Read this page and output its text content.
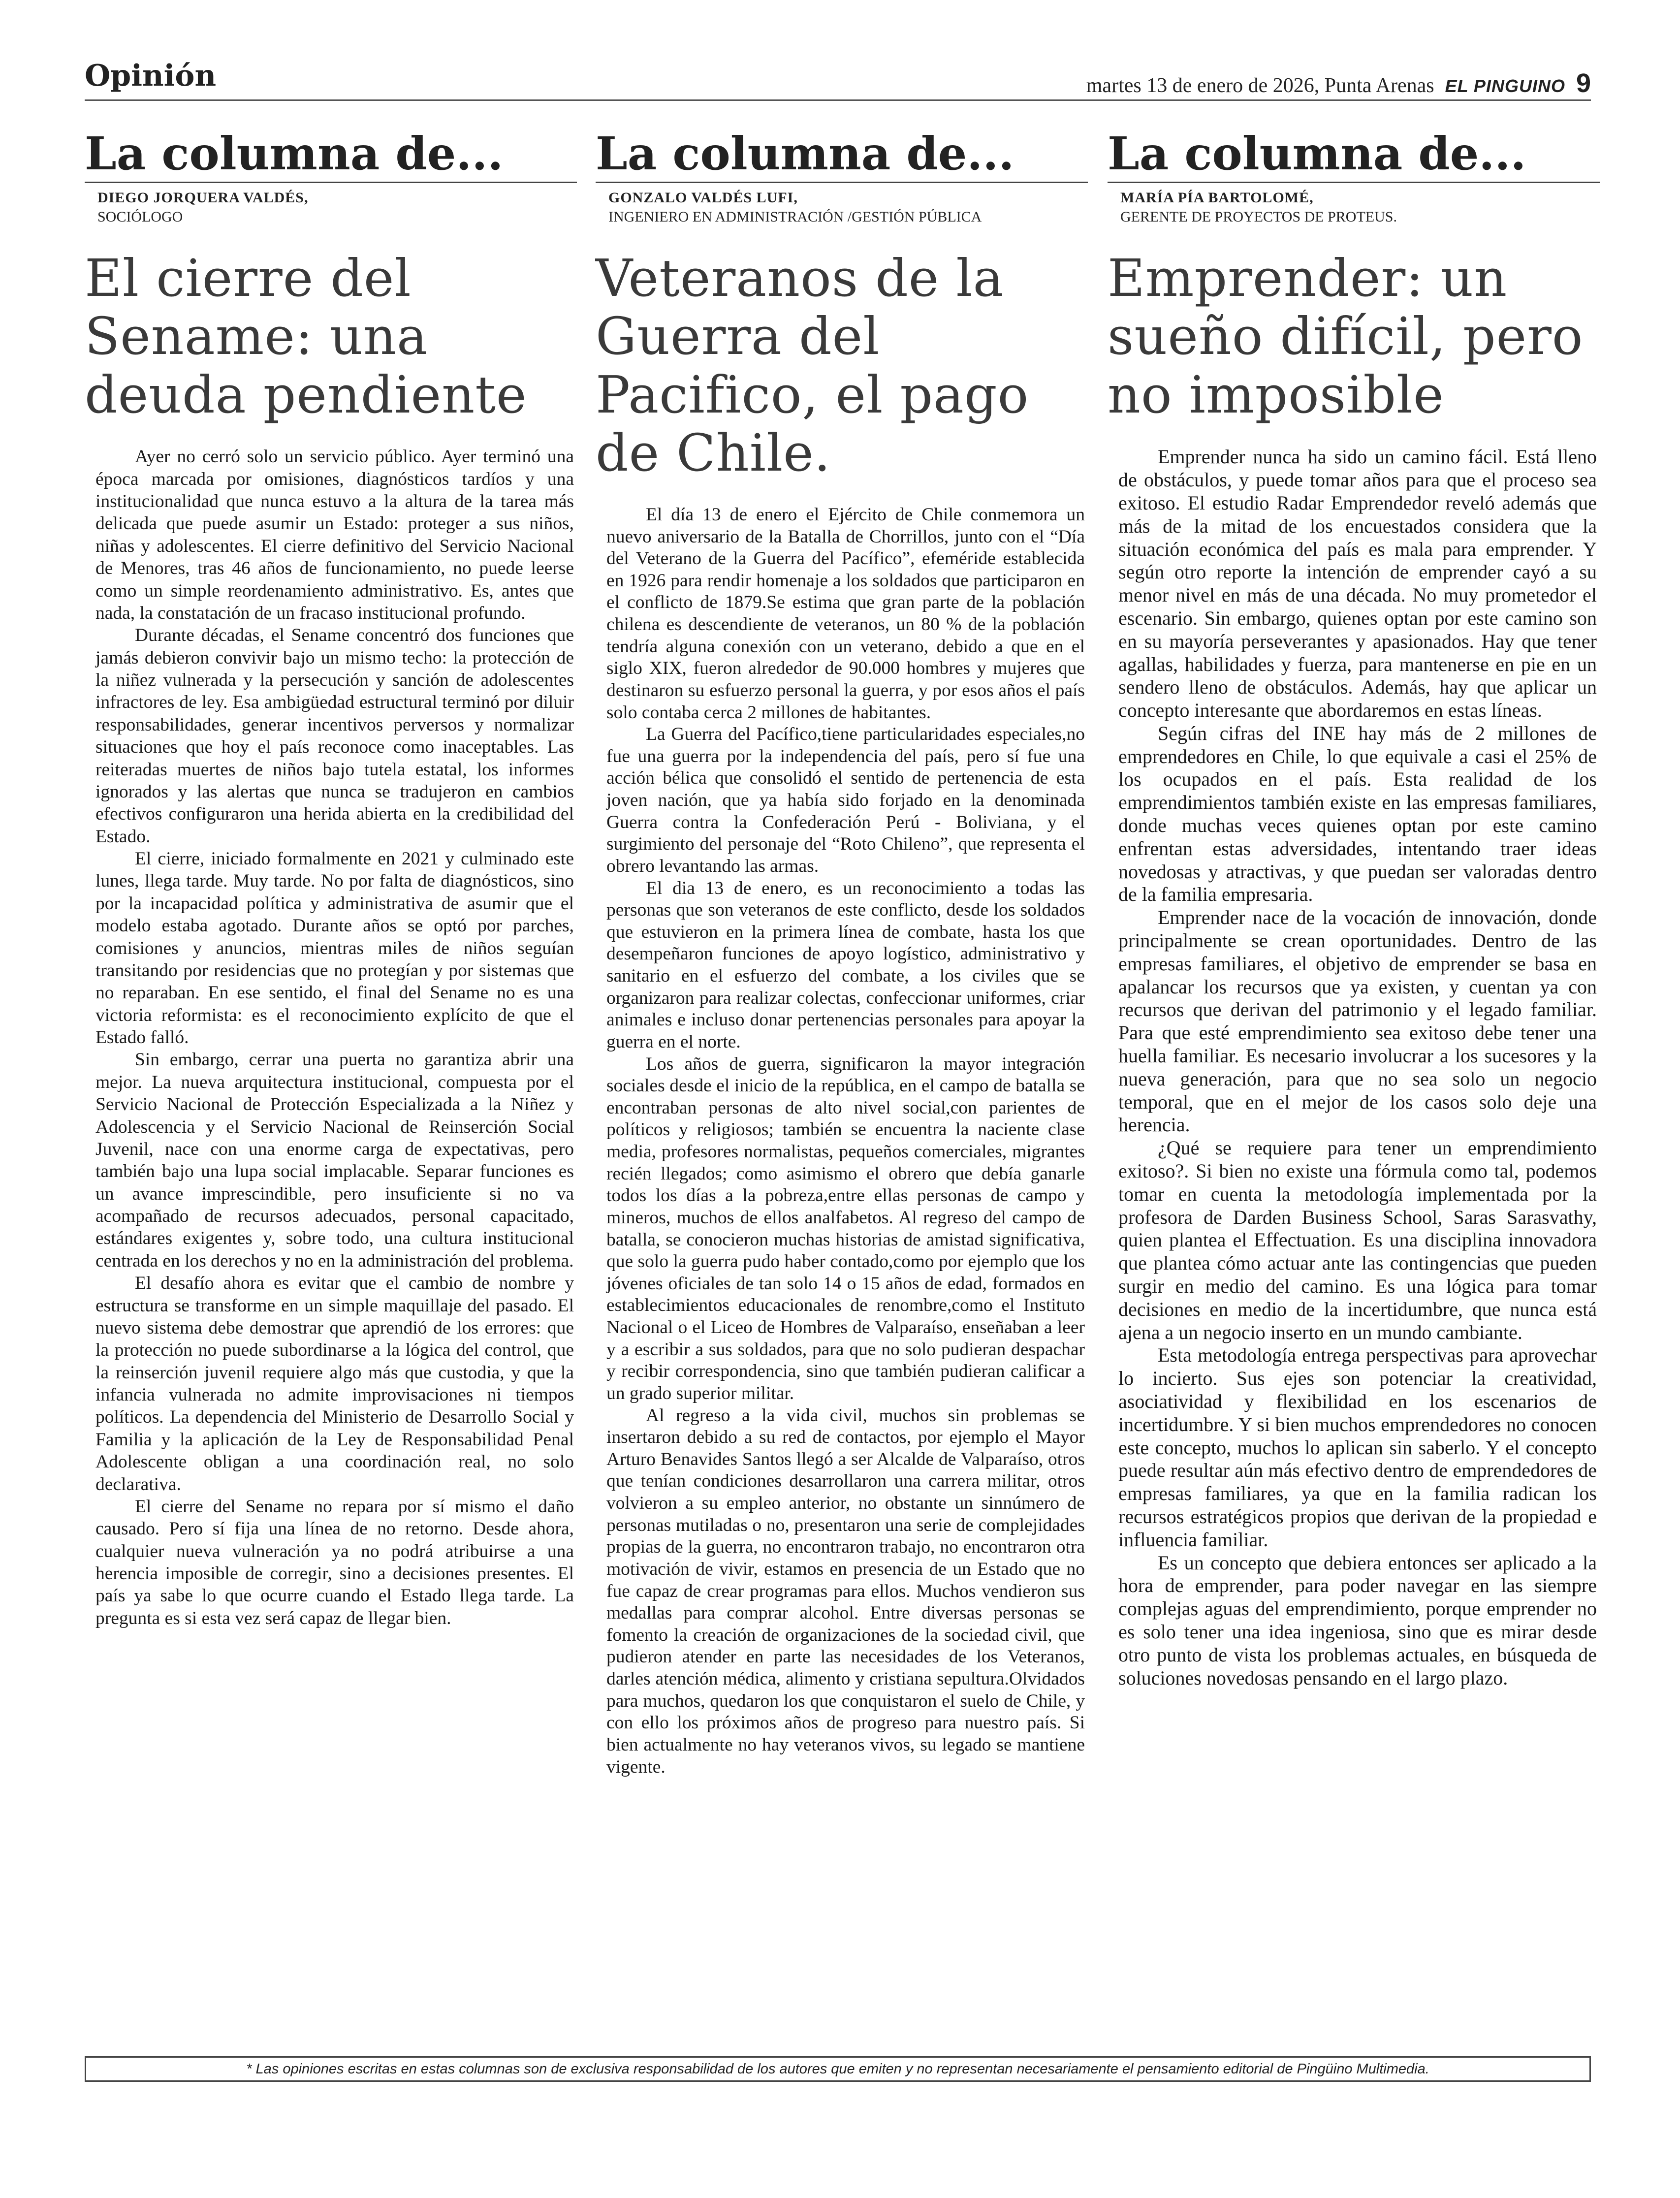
Opinión	martes 13 de enero de 2026, Punta Arenas EL PINGUINO 9
La columna de...
DIEGO JORQUERA VALDÉS,
SOCIÓLOGO
El cierre del Sename: una deuda pendiente

Ayer no cerró solo un servicio público. Ayer terminó una época marcada por omisiones, diagnósticos tardíos y una institucionalidad que nunca estuvo a la altura de la tarea más delicada que puede asumir un Estado: proteger a sus niños, niñas y adolescentes. El cierre definitivo del Servicio Nacional de Menores, tras 46 años de funcionamiento, no puede leerse como un simple reordenamiento administrativo. Es, antes que nada, la constatación de un fracaso institucional profundo.

Durante décadas, el Sename concentró dos funciones que jamás debieron convivir bajo un mismo techo: la protección de la niñez vulnerada y la persecución y sanción de adolescentes infractores de ley. Esa ambigüedad estructural terminó por diluir responsabilidades, generar incentivos perversos y normalizar situaciones que hoy el país reconoce como inaceptables. Las reiteradas muertes de niños bajo tutela estatal, los informes ignorados y las alertas que nunca se tradujeron en cambios efectivos configuraron una herida abierta en la credibilidad del Estado.

El cierre, iniciado formalmente en 2021 y culminado este lunes, llega tarde. Muy tarde. No por falta de diagnósticos, sino por la incapacidad política y administrativa de asumir que el modelo estaba agotado. Durante años se optó por parches, comisiones y anuncios, mientras miles de niños seguían transitando por residencias que no protegían y por sistemas que no reparaban. En ese sentido, el final del Sename no es una victoria reformista: es el reconocimiento explícito de que el Estado falló.

Sin embargo, cerrar una puerta no garantiza abrir una mejor. La nueva arquitectura institucional, compuesta por el Servicio Nacional de Protección Especializada a la Niñez y Adolescencia y el Servicio Nacional de Reinserción Social Juvenil, nace con una enorme carga de expectativas, pero también bajo una lupa social implacable. Separar funciones es un avance imprescindible, pero insuficiente si no va acompañado de recursos adecuados, personal capacitado, estándares exigentes y, sobre todo, una cultura institucional centrada en los derechos y no en la administración del problema.

El desafío ahora es evitar que el cambio de nombre y estructura se transforme en un simple maquillaje del pasado. El nuevo sistema debe demostrar que aprendió de los errores: que la protección no puede subordinarse a la lógica del control, que la reinserción juvenil requiere algo más que custodia, y que la infancia vulnerada no admite improvisaciones ni tiempos políticos. La dependencia del Ministerio de Desarrollo Social y Familia y la aplicación de la Ley de Responsabilidad Penal Adolescente obligan a una coordinación real, no solo declarativa.

El cierre del Sename no repara por sí mismo el daño causado. Pero sí fija una línea de no retorno. Desde ahora, cualquier nueva vulneración ya no podrá atribuirse a una herencia imposible de corregir, sino a decisiones presentes. El país ya sabe lo que ocurre cuando el Estado llega tarde. La pregunta es si esta vez será capaz de llegar bien.

La columna de...
GONZALO VALDÉS LUFI,
INGENIERO EN ADMINISTRACIÓN /GESTIÓN PÚBLICA
Veteranos de la Guerra del Pacifico, el pago de Chile.

El día 13 de enero el Ejército de Chile conmemora un nuevo aniversario de la Batalla de Chorrillos, junto con el “Día del Veterano de la Guerra del Pacífico”, efeméride establecida en 1926 para rendir homenaje a los soldados que participaron en el conflicto de 1879.Se estima que gran parte de la población chilena es descendiente de veteranos, un 80 % de la población tendría alguna conexión con un veterano, debido a que en el siglo XIX, fueron alrededor de 90.000 hombres y mujeres que destinaron su esfuerzo personal la guerra, y por esos años el país solo contaba cerca 2 millones de habitantes.

La Guerra del Pacífico,tiene particularidades especiales,no fue una guerra por la independencia del país, pero sí fue una acción bélica que consolidó el sentido de pertenencia de esta joven nación, que ya había sido forjado en la denominada Guerra contra la Confederación Perú - Boliviana, y el surgimiento del personaje del “Roto Chileno”, que representa el obrero levantando las armas.

El dia 13 de enero, es un reconocimiento a todas las personas que son veteranos de este conflicto, desde los soldados que estuvieron en la primera línea de combate, hasta los que desempeñaron funciones de apoyo logístico, administrativo y sanitario en el esfuerzo del combate, a los civiles que se organizaron para realizar colectas, confeccionar uniformes, criar animales e incluso donar pertenencias personales para apoyar la guerra en el norte.

Los años de guerra, significaron la mayor integración sociales desde el inicio de la república, en el campo de batalla se encontraban personas de alto nivel social,con parientes de políticos y religiosos; también se encuentra la naciente clase media, profesores normalistas, pequeños comerciales, migrantes recién llegados; como asimismo el obrero que debía ganarle todos los días a la pobreza,entre ellas personas de campo y mineros, muchos de ellos analfabetos. Al regreso del campo de batalla, se conocieron muchas historias de amistad significativa, que solo la guerra pudo haber contado,como por ejemplo que los jóvenes oficiales de tan solo 14 o 15 años de edad, formados en establecimientos educacionales de renombre,como el Instituto Nacional o el Liceo de Hombres de Valparaíso, enseñaban a leer y a escribir a sus soldados, para que no solo pudieran despachar y recibir correspondencia, sino que también pudieran calificar a un grado superior militar.

Al regreso a la vida civil, muchos sin problemas se insertaron debido a su red de contactos, por ejemplo el Mayor Arturo Benavides Santos llegó a ser Alcalde de Valparaíso, otros que tenían condiciones desarrollaron una carrera militar, otros volvieron a su empleo anterior, no obstante un sinnúmero de personas mutiladas o no, presentaron una serie de complejidades propias de la guerra, no encontraron trabajo, no encontraron otra motivación de vivir, estamos en presencia de un Estado que no fue capaz de crear programas para ellos. Muchos vendieron sus medallas para comprar alcohol. Entre diversas personas se fomento la creación de organizaciones de la sociedad civil, que pudieron atender en parte las necesidades de los Veteranos, darles atención médica, alimento y cristiana sepultura.Olvidados para muchos, quedaron los que conquistaron el suelo de Chile, y con ello los próximos años de progreso para nuestro país. Si bien actualmente no hay veteranos vivos, su legado se mantiene vigente.

La columna de...
MARÍA PÍA BARTOLOMÉ,
GERENTE DE PROYECTOS DE PROTEUS.
Emprender: un sueño difícil, pero no imposible

Emprender nunca ha sido un camino fácil. Está lleno de obstáculos, y puede tomar años para que el proceso sea exitoso. El estudio Radar Emprendedor reveló además que más de la mitad de los encuestados considera que la situación económica del país es mala para emprender. Y según otro reporte la intención de emprender cayó a su menor nivel en más de una década. No muy prometedor el escenario. Sin embargo, quienes optan por este camino son en su mayoría perseverantes y apasionados. Hay que tener agallas, habilidades y fuerza, para mantenerse en pie en un sendero lleno de obstáculos. Además, hay que aplicar un concepto interesante que abordaremos en estas líneas.

Según cifras del INE hay más de 2 millones de emprendedores en Chile, lo que equivale a casi el 25% de los ocupados en el país. Esta realidad de los emprendimientos también existe en las empresas familiares, donde muchas veces quienes optan por este camino enfrentan estas adversidades, intentando traer ideas novedosas y atractivas, y que puedan ser valoradas dentro de la familia empresaria.

Emprender nace de la vocación de innovación, donde principalmente se crean oportunidades. Dentro de las empresas familiares, el objetivo de emprender se basa en apalancar los recursos que ya existen, y cuentan ya con recursos que derivan del patrimonio y el legado familiar. Para que esté emprendimiento sea exitoso debe tener una huella familiar. Es necesario involucrar a los sucesores y la nueva generación, para que no sea solo un negocio temporal, que en el mejor de los casos solo deje una herencia.

¿Qué se requiere para tener un emprendimiento exitoso?. Si bien no existe una fórmula como tal, podemos tomar en cuenta la metodología implementada por la profesora de Darden Business School, Saras Sarasvathy, quien plantea el Effectuation. Es una disciplina innovadora que plantea cómo actuar ante las contingencias que pueden surgir en medio del camino. Es una lógica para tomar decisiones en medio de la incertidumbre, que nunca está ajena a un negocio inserto en un mundo cambiante.

Esta metodología entrega perspectivas para aprovechar lo incierto. Sus ejes son potenciar la creatividad, asociatividad y flexibilidad en los escenarios de incertidumbre. Y si bien muchos emprendedores no conocen este concepto, muchos lo aplican sin saberlo. Y el concepto puede resultar aún más efectivo dentro de emprendedores de empresas familiares, ya que en la familia radican los recursos estratégicos propios que derivan de la propiedad e influencia familiar.

Es un concepto que debiera entonces ser aplicado a la hora de emprender, para poder navegar en las siempre complejas aguas del emprendimiento, porque emprender no es solo tener una idea ingeniosa, sino que es mirar desde otro punto de vista los problemas actuales, en búsqueda de soluciones novedosas pensando en el largo plazo.

* Las opiniones escritas en estas columnas son de exclusiva responsabilidad de los autores que emiten y no representan necesariamente el pensamiento editorial de Pingüino Multimedia.
